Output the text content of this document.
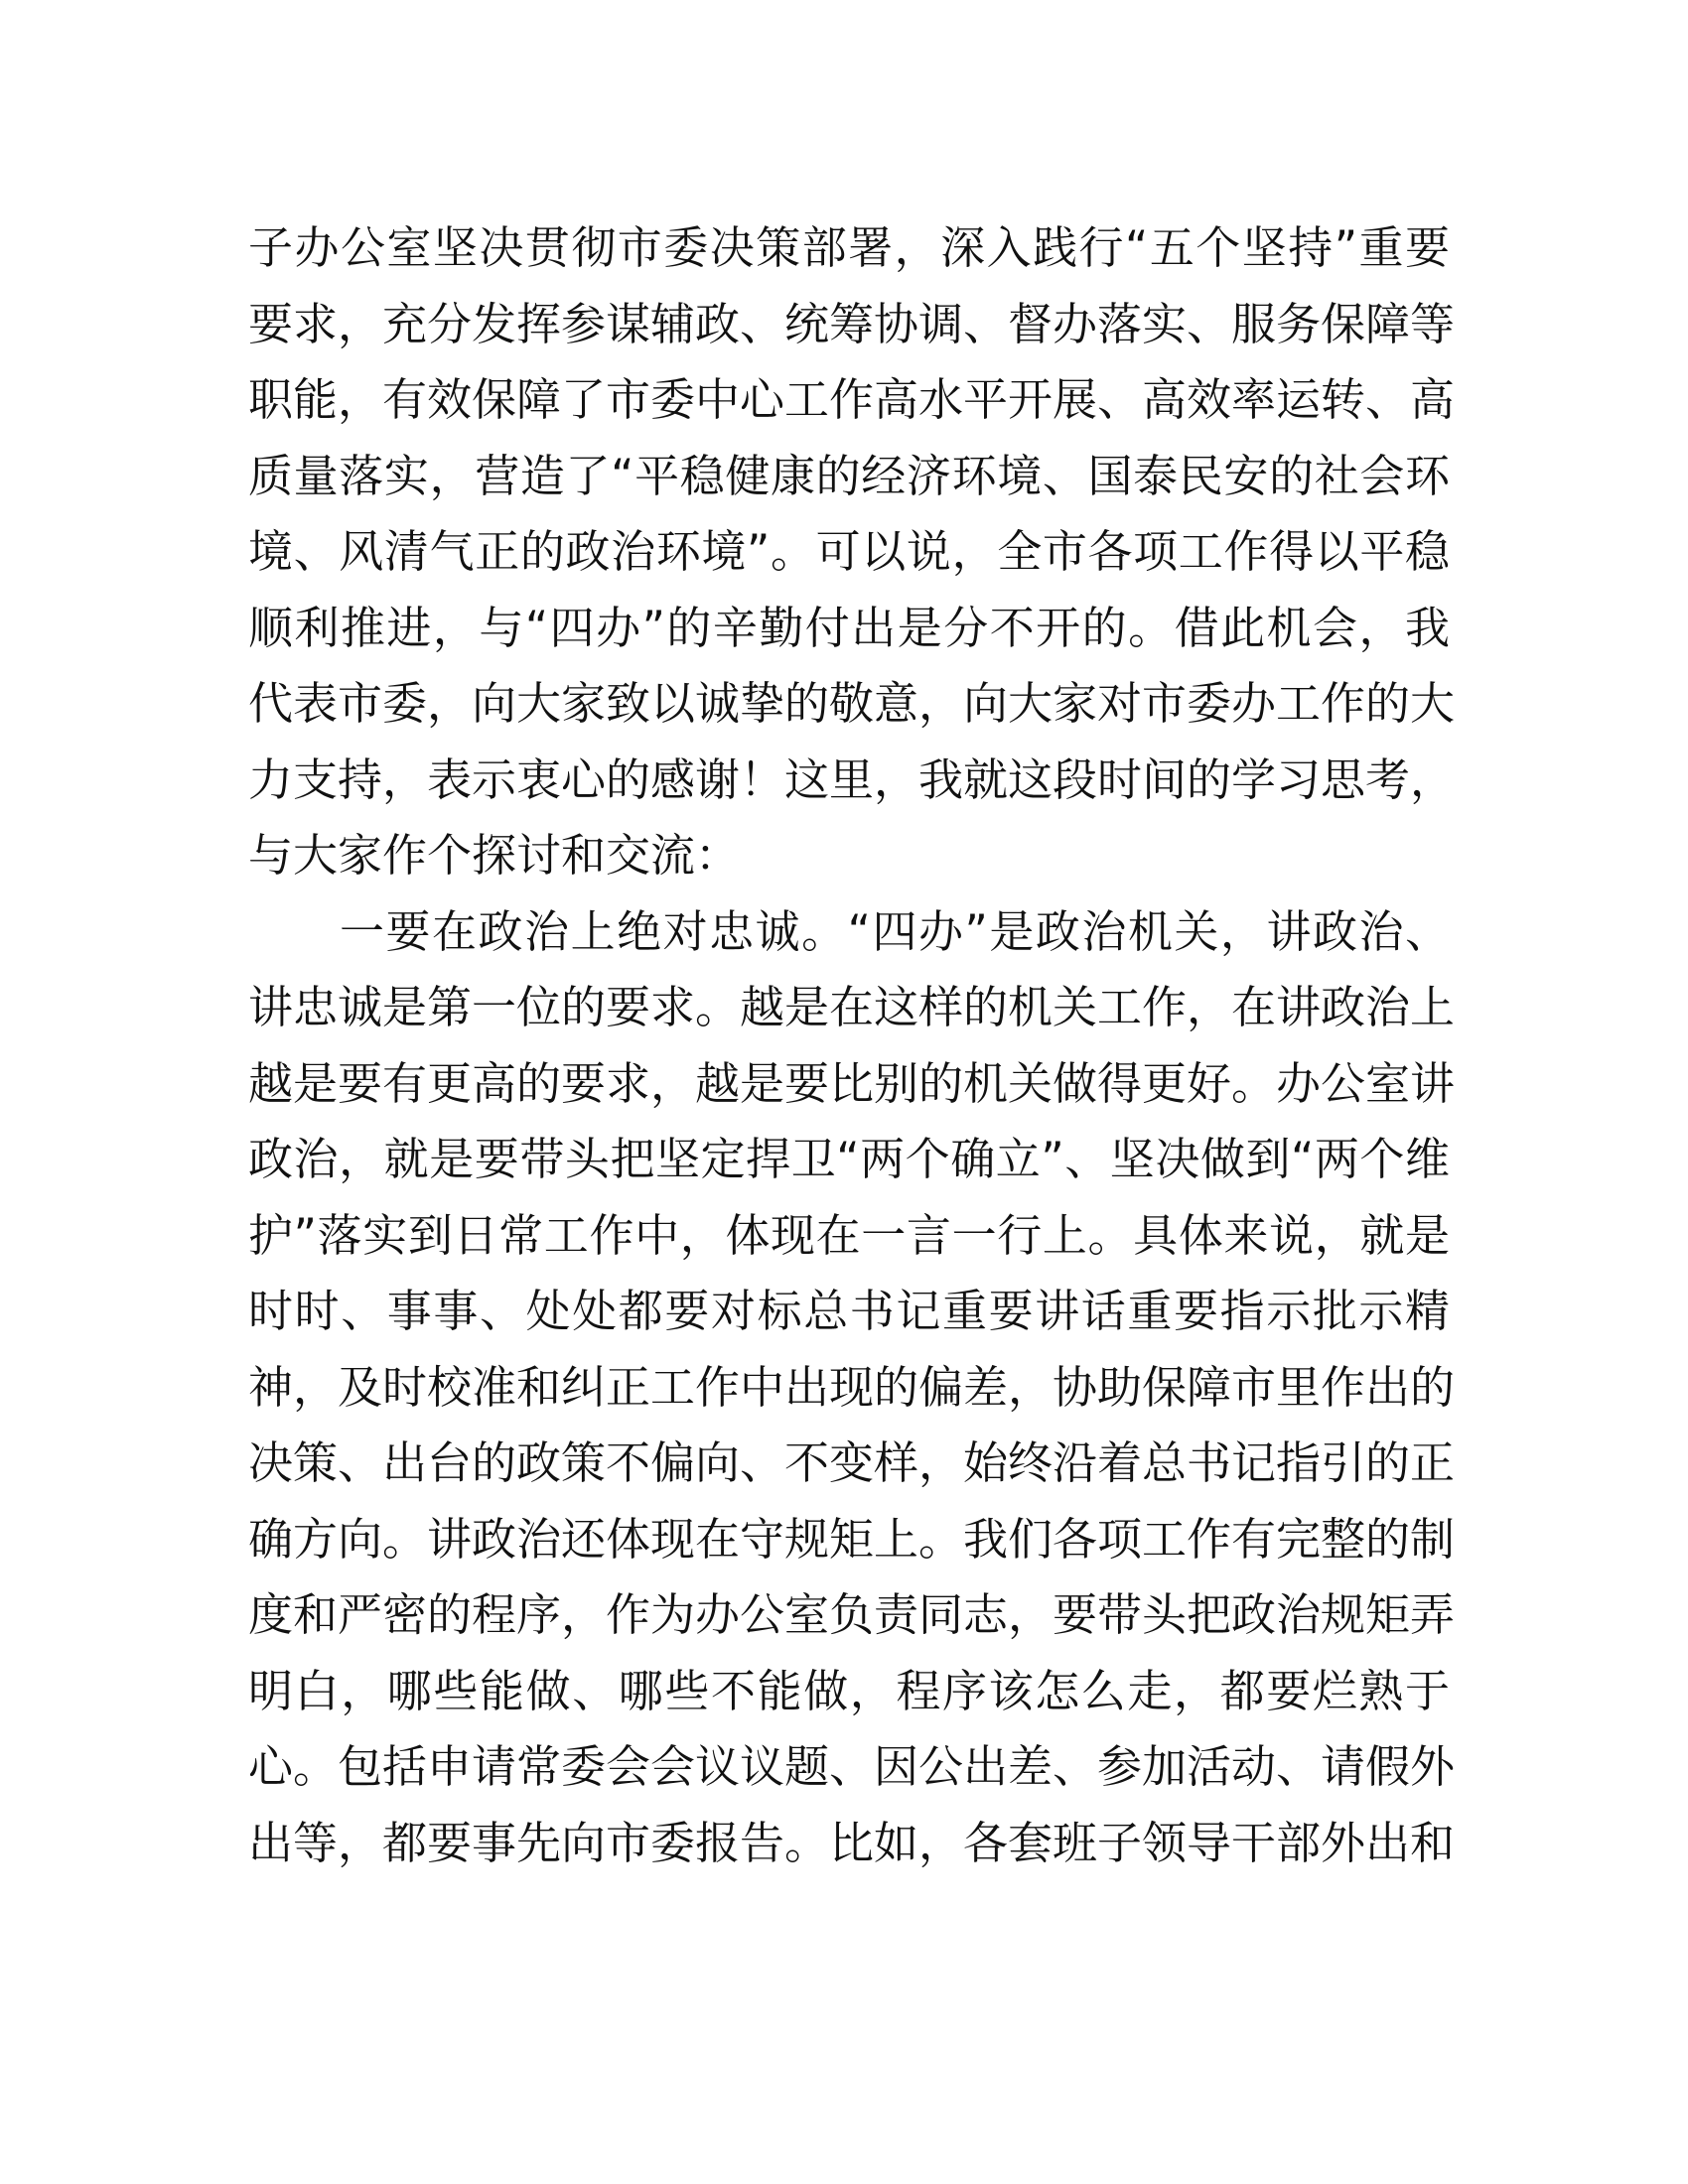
子办公室坚决贯彻市委决策部署，深入践行“五个坚持”重要
要求，充分发挥参谋辅政、统筹协调、督办落实、服务保障等
职能，有效保障了市委中心工作高水平开展、高效率运转、高
质量落实，营造了“平稳健康的经济环境、国泰民安的社会环
境、风清气正的政治环境”。可以说，全市各项工作得以平稳
顺利推进，与“四办”的辛勤付出是分不开的。借此机会，我
代表市委，向大家致以诚挚的敬意，向大家对市委办工作的大
力支持，表示衷心的感谢！这里，我就这段时间的学习思考，
与大家作个探讨和交流：
一要在政治上绝对忠诚。“四办”是政治机关，讲政治、
讲忠诚是第一位的要求。越是在这样的机关工作，在讲政治上
越是要有更高的要求，越是要比别的机关做得更好。办公室讲
政治，就是要带头把坚定捍卫“两个确立”、坚决做到“两个维
护”落实到日常工作中，体现在一言一行上。具体来说，就是
时时、事事、处处都要对标总书记重要讲话重要指示批示精
神，及时校准和纠正工作中出现的偏差，协助保障市里作出的
决策、出台的政策不偏向、不变样，始终沿着总书记指引的正
确方向。讲政治还体现在守规矩上。我们各项工作有完整的制
度和严密的程序，作为办公室负责同志，要带头把政治规矩弄
明白，哪些能做、哪些不能做，程序该怎么走，都要烂熟于
心。包括申请常委会会议议题、因公出差、参加活动、请假外
出等，都要事先向市委报告。比如，各套班子领导干部外出和
